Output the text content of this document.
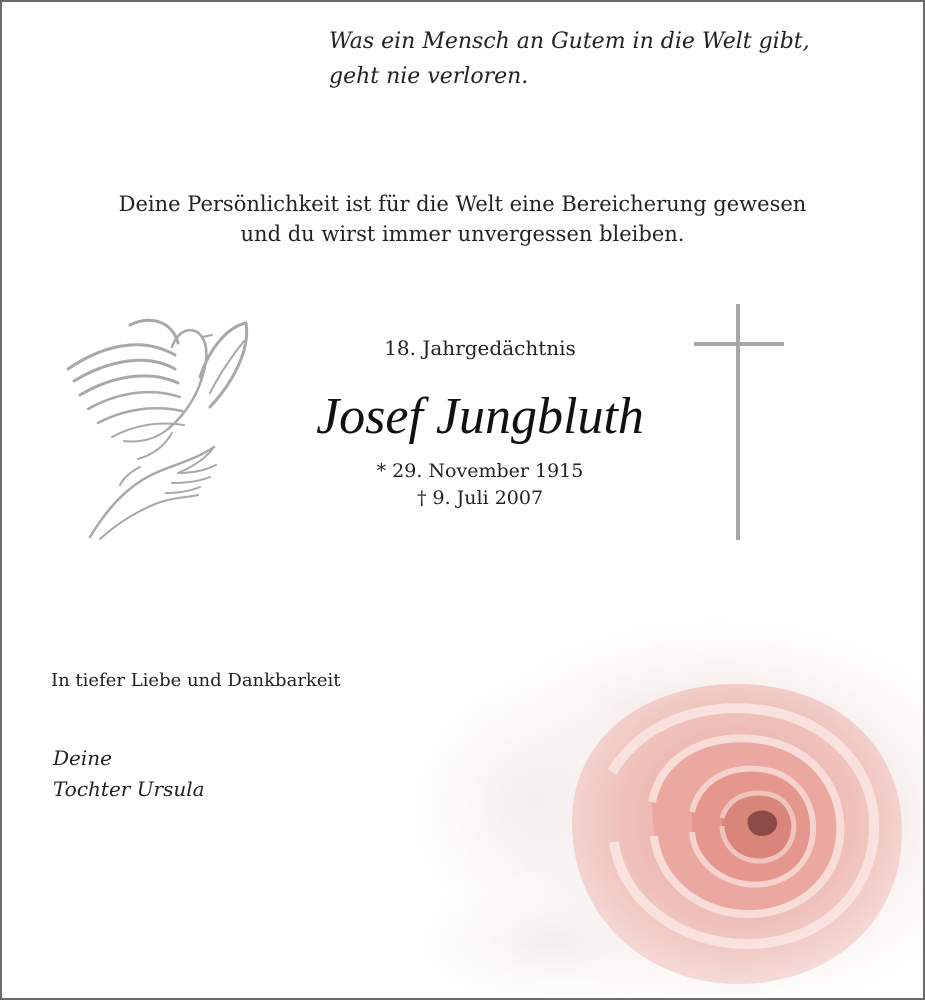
Was ein Mensch an Gutem in die Welt gibt,
geht nie verloren.
Deine Persönlichkeit ist für die Welt eine Bereicherung gewesen
und du wirst immer unvergessen bleiben.
18. Jahrgedächtnis
Josef Jungbluth
* 29. November 1915
† 9. Juli 2007
In tiefer Liebe und Dankbarkeit
Deine
Tochter Ursula
